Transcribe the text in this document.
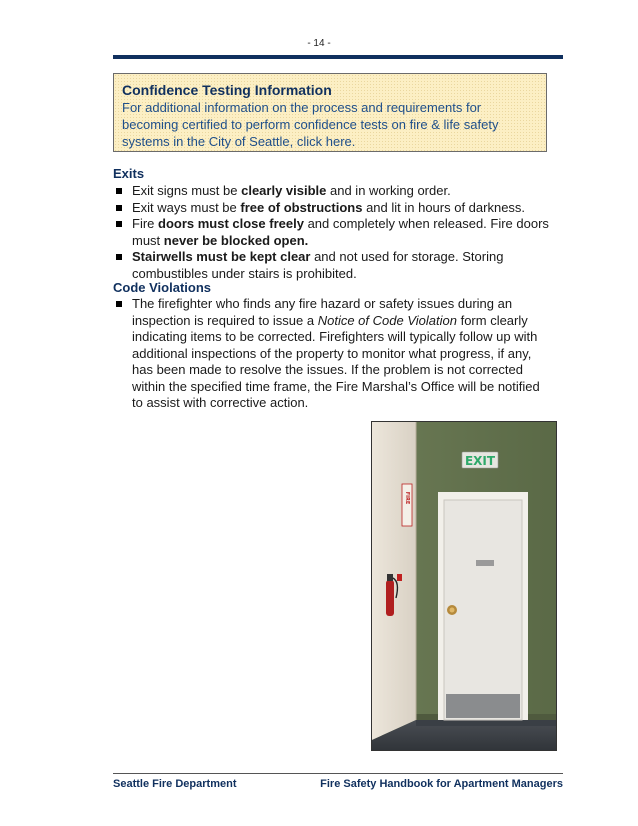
- 14 -
Confidence Testing Information
For additional information on the process and requirements for becoming certified to perform confidence tests on fire & life safety systems in the City of Seattle, click here.
Exits
Exit signs must be clearly visible and in working order.
Exit ways must be free of obstructions and lit in hours of darkness.
Fire doors must close freely and completely when released. Fire doors must never be blocked open.
Stairwells must be kept clear and not used for storage. Storing combustibles under stairs is prohibited.
Code Violations
The firefighter who finds any fire hazard or safety issues during an inspection is required to issue a Notice of Code Violation form clearly indicating items to be corrected. Firefighters will typically follow up with additional inspections of the property to monitor what progress, if any, has been made to resolve the issues. If the problem is not corrected within the specified time frame, the Fire Marshal’s Office will be notified to assist with corrective action.
EXIT
FIRE
Seattle Fire Department	Fire Safety Handbook for Apartment Managers
